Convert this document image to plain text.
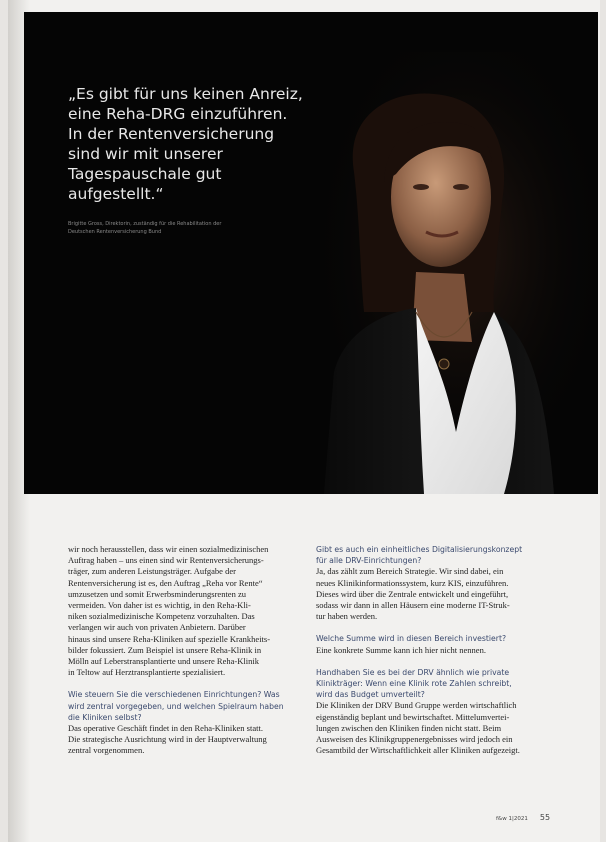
„Es gibt für uns keinen Anreiz,
eine Reha-DRG einzuführen.
In der Rentenversicherung
sind wir mit unserer
Tagespauschale gut
aufgestellt.“
Brigitte Gross, Direktorin, zuständig für die Rehabilitation der
Deutschen Rentenversicherung Bund
wir noch herausstellen, dass wir einen sozialmedizinischen
Auftrag haben – uns einen sind wir Rentenversicherungs-
träger, zum anderen Leistungsträger. Aufgabe der
Rentenversicherung ist es, den Auftrag „Reha vor Rente“
umzusetzen und somit Erwerbsminderungsrenten zu
vermeiden. Von daher ist es wichtig, in den Reha-Kli-
niken sozialmedizinische Kompetenz vorzuhalten. Das
verlangen wir auch von privaten Anbietern. Darüber
hinaus sind unsere Reha-Kliniken auf spezielle Krankheits-
bilder fokussiert. Zum Beispiel ist unsere Reha-Klinik in
Mölln auf Leberstransplantierte und unsere Reha-Klinik
in Teltow auf Herztransplantierte spezialisiert.
Wie steuern Sie die verschiedenen Einrichtungen? Was
wird zentral vorgegeben, und welchen Spielraum haben
die Kliniken selbst?
Das operative Geschäft findet in den Reha-Kliniken statt.
Die strategische Ausrichtung wird in der Hauptverwaltung
zentral vorgenommen.
Gibt es auch ein einheitliches Digitalisierungskonzept
für alle DRV-Einrichtungen?
Ja, das zählt zum Bereich Strategie. Wir sind dabei, ein
neues Klinikinformationssystem, kurz KIS, einzuführen.
Dieses wird über die Zentrale entwickelt und eingeführt,
sodass wir dann in allen Häusern eine moderne IT-Struk-
tur haben werden.
Welche Summe wird in diesen Bereich investiert?
Eine konkrete Summe kann ich hier nicht nennen.
Handhaben Sie es bei der DRV ähnlich wie private
Klinikträger: Wenn eine Klinik rote Zahlen schreibt,
wird das Budget umverteilt?
Die Kliniken der DRV Bund Gruppe werden wirtschaftlich
eigenständig beplant und bewirtschaftet. Mittelumvertei-
lungen zwischen den Kliniken finden nicht statt. Beim
Ausweisen des Klinikgruppenergebnisses wird jedoch ein
Gesamtbild der Wirtschaftlichkeit aller Kliniken aufgezeigt.
f&w 1|2021 55
